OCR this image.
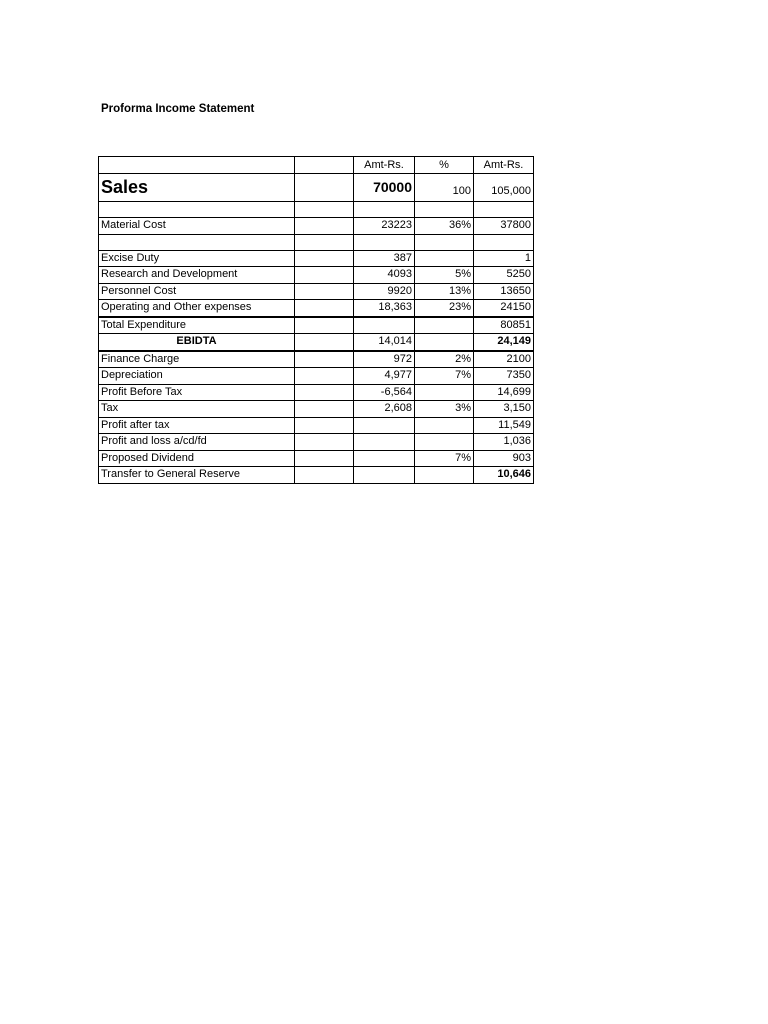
Proforma Income Statement
		Amt-Rs.	%	Amt-Rs.
Sales		70000	100	105,000

Material Cost		23223	36%	37800

Excise Duty		387		1
Research and Development		4093	5%	5250
Personnel Cost		9920	13%	13650
Operating and Other expenses		18,363	23%	24150
Total Expenditure				80851
EBIDTA		14,014		24,149
Finance Charge		972	2%	2100
Depreciation		4,977	7%	7350
Profit Before Tax		-6,564		14,699
Tax		2,608	3%	3,150
Profit after tax				11,549
Profit and loss a/cd/fd				1,036
Proposed Dividend			7%	903
Transfer to General Reserve				10,646
